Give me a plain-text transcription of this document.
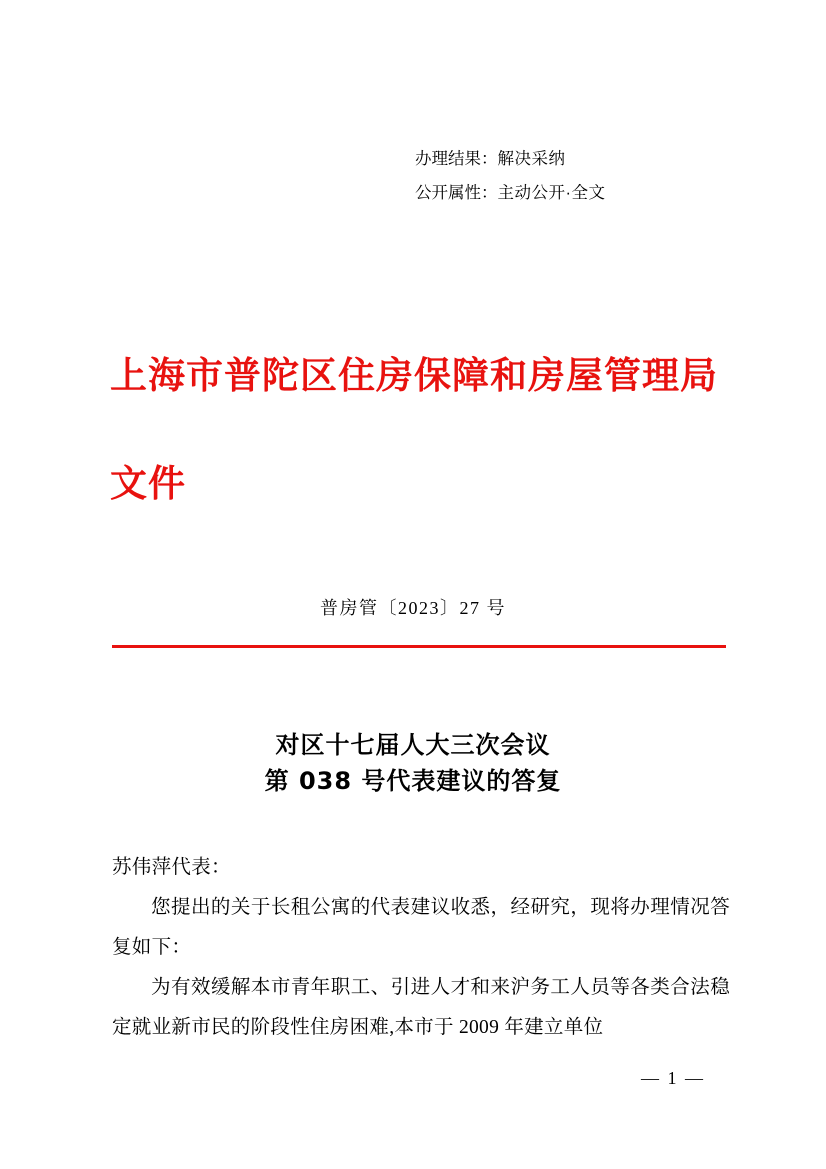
办理结果：解决采纳
公开属性：主动公开·全文
上海市普陀区住房保障和房屋管理局文件
普房管〔2023〕27 号
对区十七届人大三次会议
第 038 号代表建议的答复

苏伟萍代表：

您提出的关于长租公寓的代表建议收悉，经研究，现将办理情况答复如下：

为有效缓解本市青年职工、引进人才和来沪务工人员等各类合法稳定就业新市民的阶段性住房困难,本市于 2009 年建立单位

— 1 —
